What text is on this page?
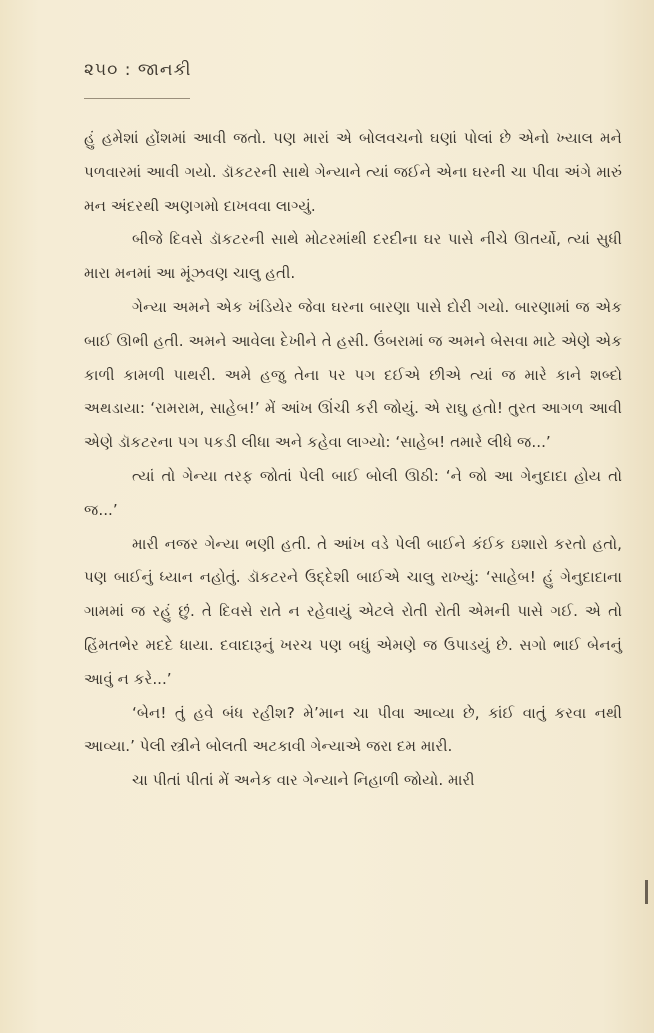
૨૫૦ : જાનકી

હું હમેશાં હોંશમાં આવી જતો. પણ મારાં એ બોલવચનો ઘણાં પોલાં છે એનો ખ્યાલ મને પળવારમાં આવી ગયો. ડૉકટરની સાથે ગેન્યાને ત્યાં જઈને એના ઘરની ચા પીવા અંગે મારું મન અંદરથી અણગમો દાખવવા લાગ્યું.

બીજે દિવસે ડૉકટરની સાથે મોટરમાંથી દરદીના ઘર પાસે નીચે ઊતર્યો, ત્યાં સુધી મારા મનમાં આ મૂંઝવણ ચાલુ હતી.

ગેન્યા અમને એક ખંડિયેર જેવા ઘરના બારણા પાસે દોરી ગયો. બારણામાં જ એક બાઈ ઊભી હતી. અમને આવેલા દેખીને તે હસી. ઉંબરામાં જ અમને બેસવા માટે એણે એક કાળી કામળી પાથરી. અમે હજુ તેના પર પગ દઈએ છીએ ત્યાં જ મારે કાને શબ્દો અથડાયા: ‘રામરામ, સાહેબ!’ મેં આંખ ઊંચી કરી જોયું. એ રાઘુ હતો! તુરત આગળ આવી એણે ડૉકટરના પગ પકડી લીધા અને કહેવા લાગ્યો: ‘સાહેબ! તમારે લીધે જ...’

ત્યાં તો ગેન્યા તરફ જોતાં પેલી બાઈ બોલી ઊઠી: ‘ને જો આ ગેનુદાદા હોય તો જ...’

મારી નજર ગેન્યા ભણી હતી. તે આંખ વડે પેલી બાઈને કંઈક ઇશારો કરતો હતો, પણ બાઈનું ધ્યાન નહોતું. ડૉકટરને ઉદ્દેશી બાઈએ ચાલુ રાખ્યું: ‘સાહેબ! હું ગેનુદાદાના ગામમાં જ રહું છું. તે દિવસે રાતે ન રહેવાયું એટલે રોતી રોતી એમની પાસે ગઈ. એ તો હિંમતભેર મદદે ધાયા. દવાદારૂનું ખરચ પણ બધું એમણે જ ઉપાડયું છે. સગો ભાઈ બેનનું આવું ન કરે...’

‘બેન! તું હવે બંધ રહીશ? મે’માન ચા પીવા આવ્યા છે, કાંઈ વાતું કરવા નથી આવ્યા.’ પેલી સ્ત્રીને બોલતી અટકાવી ગેન્યાએ જરા દમ મારી.

ચા પીતાં પીતાં મેં અનેક વાર ગેન્યાને નિહાળી જોયો. મારી
